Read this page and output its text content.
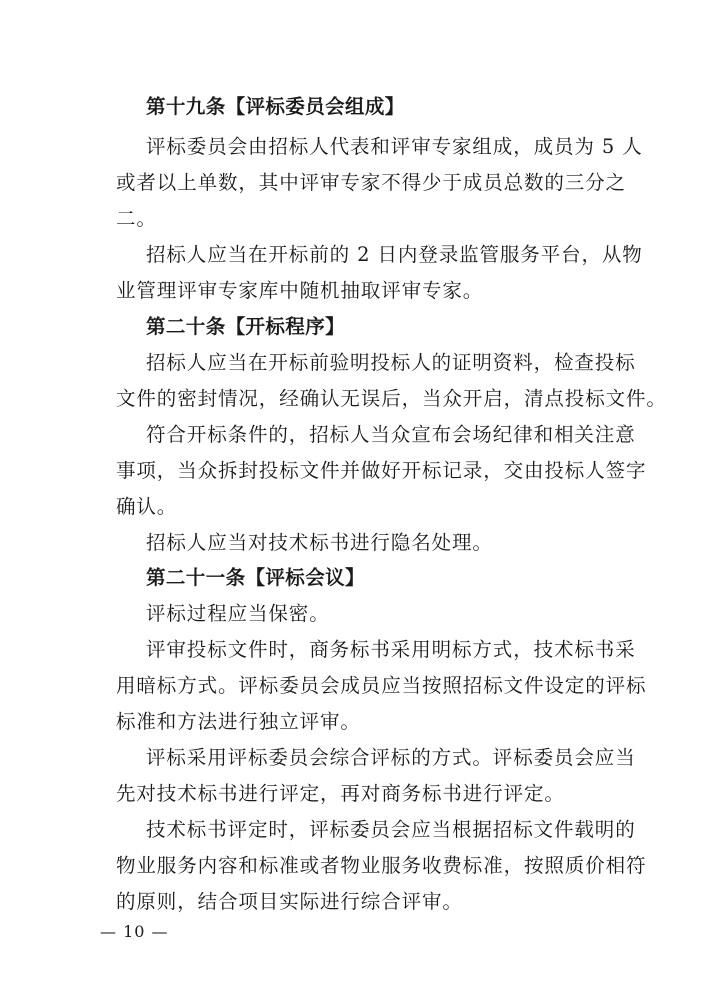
第十九条【评标委员会组成】
评标委员会由招标人代表和评审专家组成，成员为 5 人
或者以上单数，其中评审专家不得少于成员总数的三分之
二。
招标人应当在开标前的 2 日内登录监管服务平台，从物
业管理评审专家库中随机抽取评审专家。
第二十条【开标程序】
招标人应当在开标前验明投标人的证明资料，检查投标
文件的密封情况，经确认无误后，当众开启，清点投标文件。
符合开标条件的，招标人当众宣布会场纪律和相关注意
事项，当众拆封投标文件并做好开标记录，交由投标人签字
确认。
招标人应当对技术标书进行隐名处理。
第二十一条【评标会议】
评标过程应当保密。
评审投标文件时，商务标书采用明标方式，技术标书采
用暗标方式。评标委员会成员应当按照招标文件设定的评标
标准和方法进行独立评审。
评标采用评标委员会综合评标的方式。评标委员会应当
先对技术标书进行评定，再对商务标书进行评定。
技术标书评定时，评标委员会应当根据招标文件载明的
物业服务内容和标准或者物业服务收费标准，按照质价相符
的原则，结合项目实际进行综合评审。
— 10 —
